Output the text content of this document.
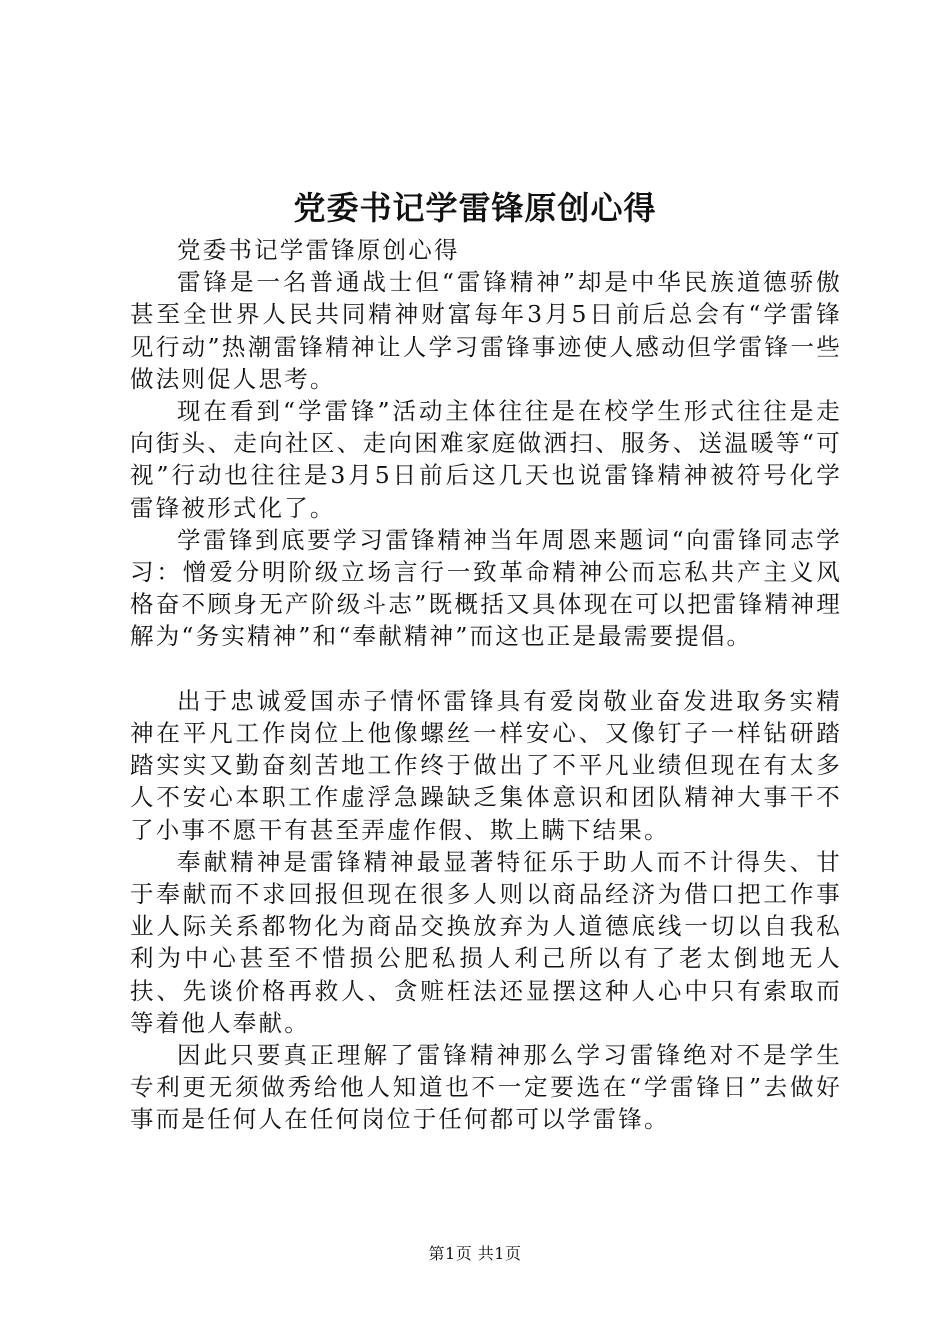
党委书记学雷锋原创心得

党委书记学雷锋原创心得

雷锋是一名普通战士但“雷锋精神”却是中华民族道德骄傲甚至全世界人民共同精神财富每年3月5日前后总会有“学雷锋见行动”热潮雷锋精神让人学习雷锋事迹使人感动但学雷锋一些做法则促人思考。

现在看到“学雷锋”活动主体往往是在校学生形式往往是走向街头、走向社区、走向困难家庭做洒扫、服务、送温暖等“可视”行动也往往是3月5日前后这几天也说雷锋精神被符号化学雷锋被形式化了。

学雷锋到底要学习雷锋精神当年周恩来题词“向雷锋同志学习：憎爱分明阶级立场言行一致革命精神公而忘私共产主义风格奋不顾身无产阶级斗志”既概括又具体现在可以把雷锋精神理解为“务实精神”和“奉献精神”而这也正是最需要提倡。

出于忠诚爱国赤子情怀雷锋具有爱岗敬业奋发进取务实精神在平凡工作岗位上他像螺丝一样安心、又像钉子一样钻研踏踏实实又勤奋刻苦地工作终于做出了不平凡业绩但现在有太多人不安心本职工作虚浮急躁缺乏集体意识和团队精神大事干不了小事不愿干有甚至弄虚作假、欺上瞒下结果。

奉献精神是雷锋精神最显著特征乐于助人而不计得失、甘于奉献而不求回报但现在很多人则以商品经济为借口把工作事业人际关系都物化为商品交换放弃为人道德底线一切以自我私利为中心甚至不惜损公肥私损人利己所以有了老太倒地无人扶、先谈价格再救人、贪赃枉法还显摆这种人心中只有索取而等着他人奉献。

因此只要真正理解了雷锋精神那么学习雷锋绝对不是学生专利更无须做秀给他人知道也不一定要选在“学雷锋日”去做好事而是任何人在任何岗位于任何都可以学雷锋。

第1页 共1页
